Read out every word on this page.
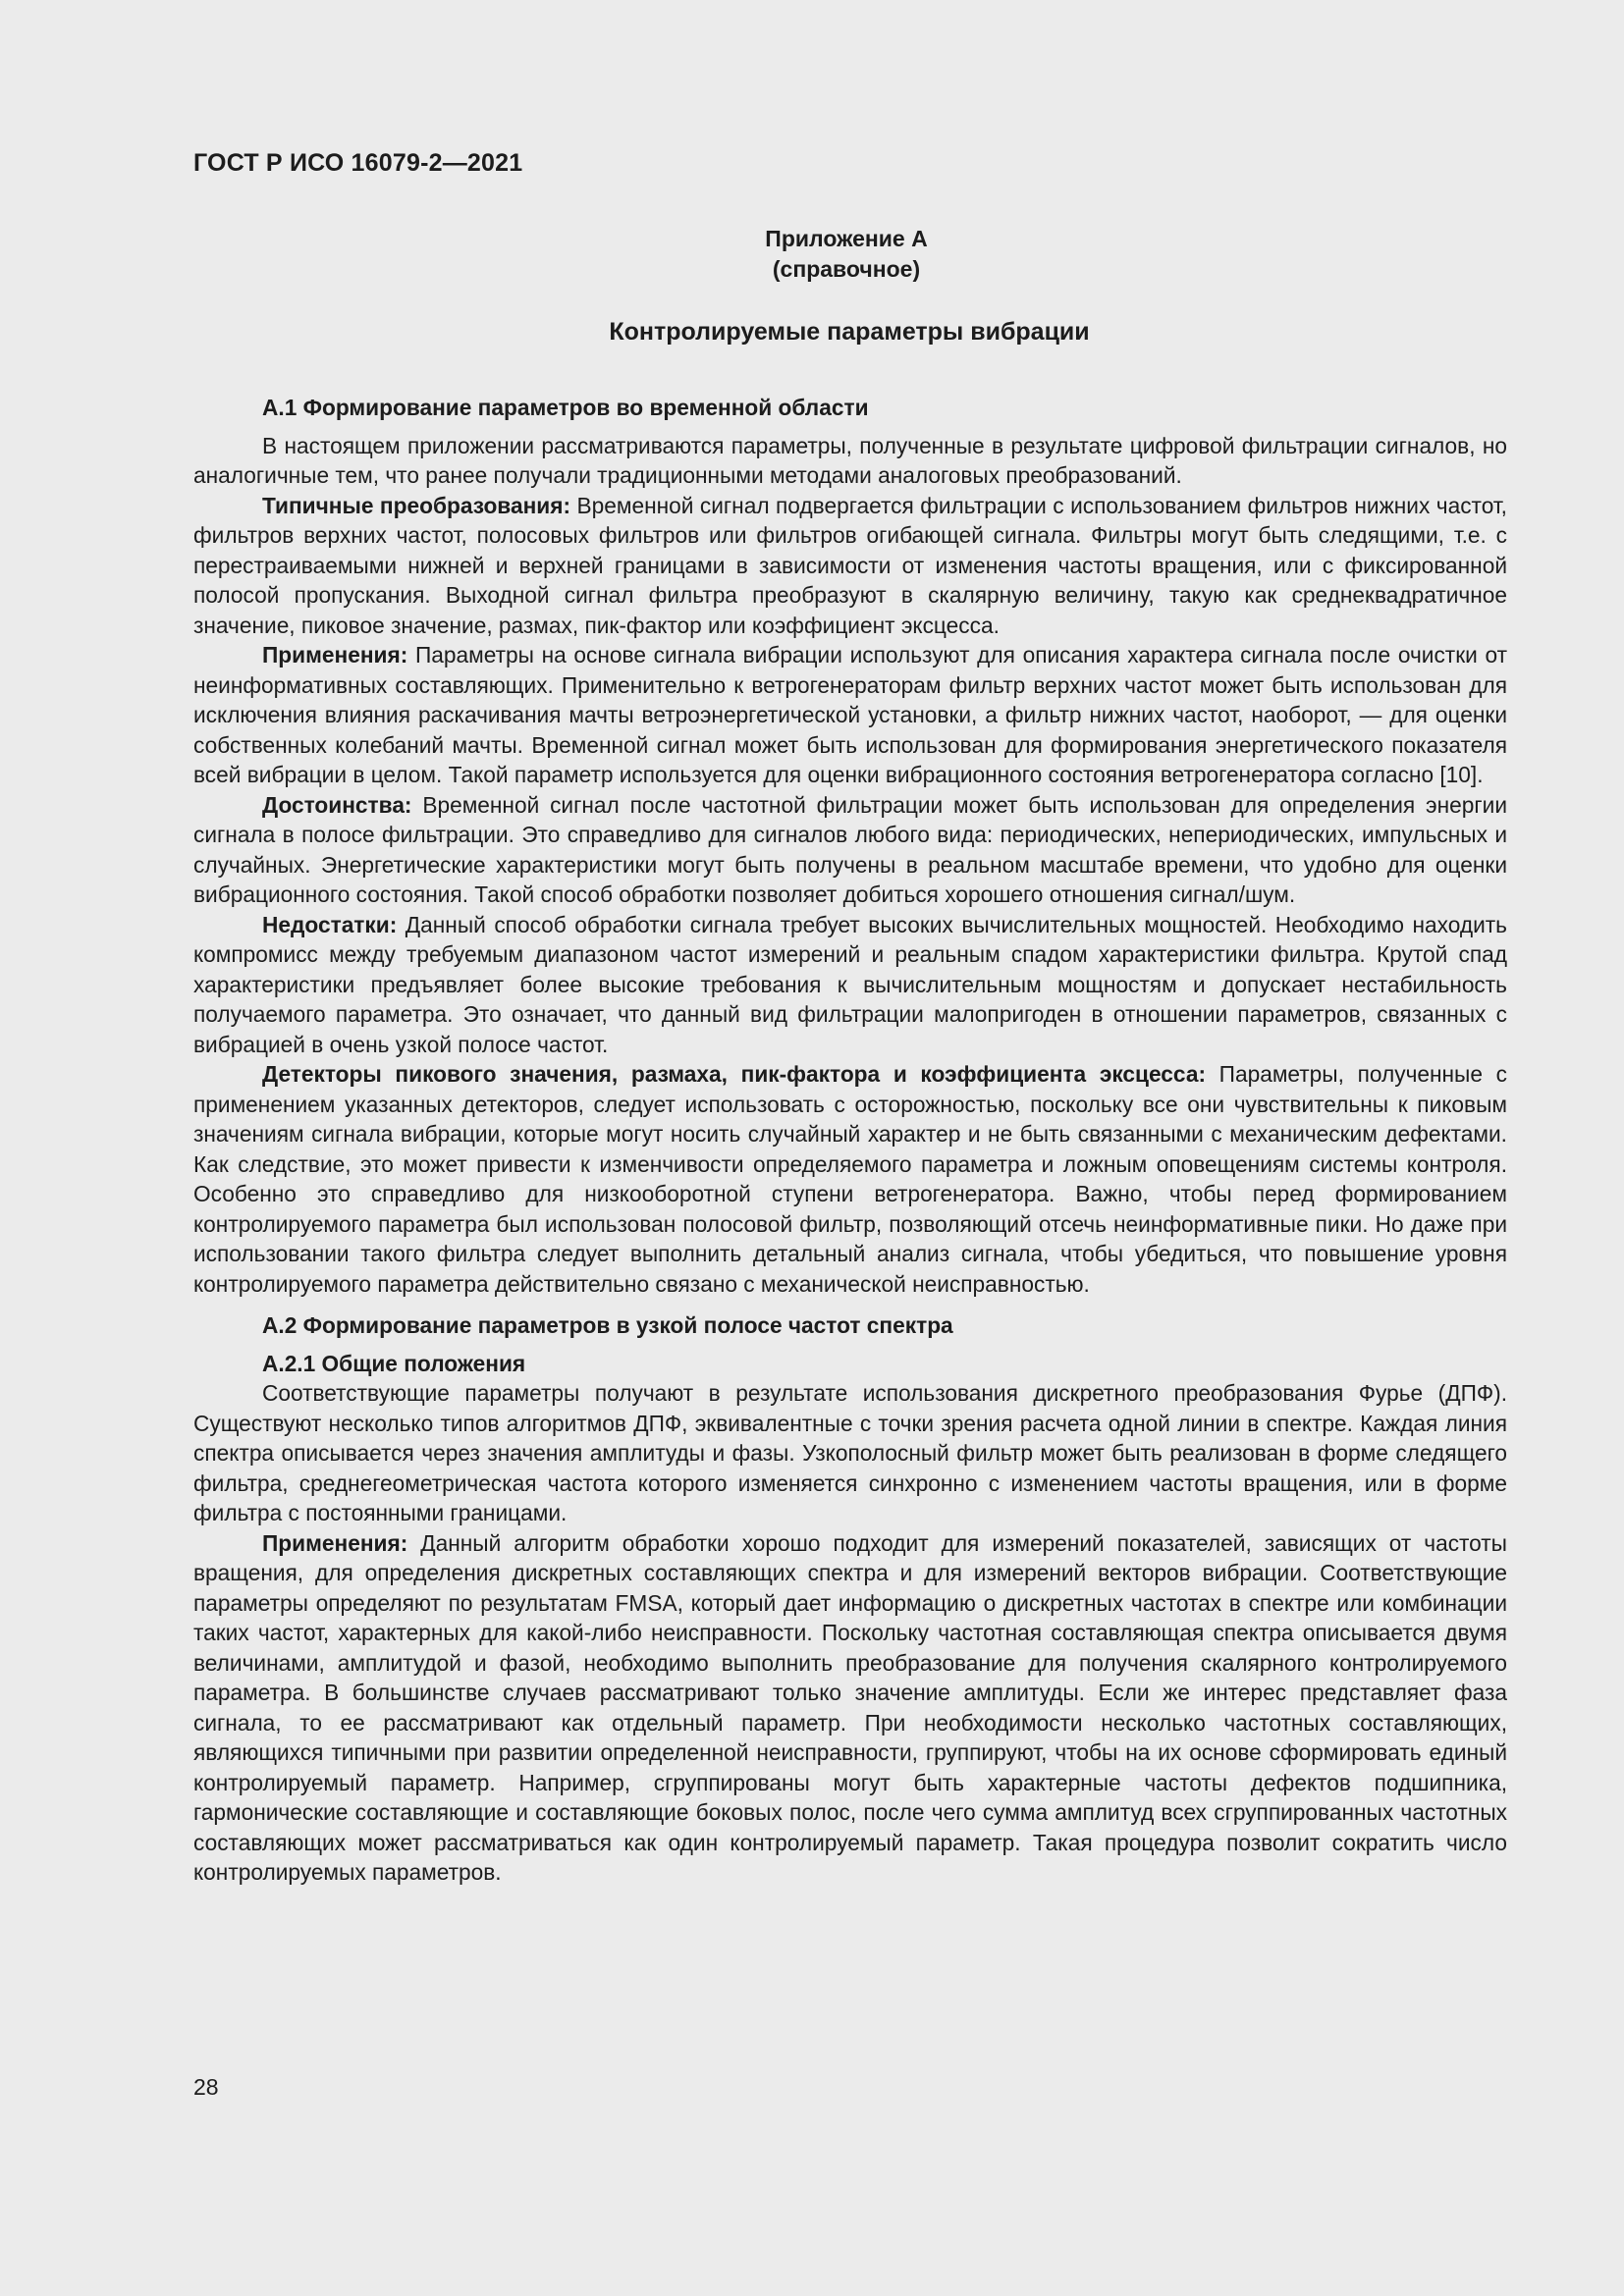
ГОСТ Р ИСО 16079-2—2021
Приложение А
(справочное)
Контролируемые параметры вибрации
А.1 Формирование параметров во временной области

В настоящем приложении рассматриваются параметры, полученные в результате цифровой фильтрации сигналов, но аналогичные тем, что ранее получали традиционными методами аналоговых преобразований.

Типичные преобразования: Временной сигнал подвергается фильтрации с использованием фильтров нижних частот, фильтров верхних частот, полосовых фильтров или фильтров огибающей сигнала. Фильтры могут быть следящими, т.е. с перестраиваемыми нижней и верхней границами в зависимости от изменения частоты вращения, или с фиксированной полосой пропускания. Выходной сигнал фильтра преобразуют в скалярную величину, такую как среднеквадратичное значение, пиковое значение, размах, пик-фактор или коэффициент эксцесса.

Применения: Параметры на основе сигнала вибрации используют для описания характера сигнала после очистки от неинформативных составляющих. Применительно к ветрогенераторам фильтр верхних частот может быть использован для исключения влияния раскачивания мачты ветроэнергетической установки, а фильтр нижних частот, наоборот, — для оценки собственных колебаний мачты. Временной сигнал может быть использован для формирования энергетического показателя всей вибрации в целом. Такой параметр используется для оценки вибрационного состояния ветрогенератора согласно [10].

Достоинства: Временной сигнал после частотной фильтрации может быть использован для определения энергии сигнала в полосе фильтрации. Это справедливо для сигналов любого вида: периодических, непериодических, импульсных и случайных. Энергетические характеристики могут быть получены в реальном масштабе времени, что удобно для оценки вибрационного состояния. Такой способ обработки позволяет добиться хорошего отношения сигнал/шум.

Недостатки: Данный способ обработки сигнала требует высоких вычислительных мощностей. Необходимо находить компромисс между требуемым диапазоном частот измерений и реальным спадом характеристики фильтра. Крутой спад характеристики предъявляет более высокие требования к вычислительным мощностям и допускает нестабильность получаемого параметра. Это означает, что данный вид фильтрации малопригоден в отношении параметров, связанных с вибрацией в очень узкой полосе частот.

Детекторы пикового значения, размаха, пик-фактора и коэффициента эксцесса: Параметры, полученные с применением указанных детекторов, следует использовать с осторожностью, поскольку все они чувствительны к пиковым значениям сигнала вибрации, которые могут носить случайный характер и не быть связанными с механическим дефектами. Как следствие, это может привести к изменчивости определяемого параметра и ложным оповещениям системы контроля. Особенно это справедливо для низкооборотной ступени ветрогенератора. Важно, чтобы перед формированием контролируемого параметра был использован полосовой фильтр, позволяющий отсечь неинформативные пики. Но даже при использовании такого фильтра следует выполнить детальный анализ сигнала, чтобы убедиться, что повышение уровня контролируемого параметра действительно связано с механической неисправностью.

А.2 Формирование параметров в узкой полосе частот спектра
А.2.1 Общие положения

Соответствующие параметры получают в результате использования дискретного преобразования Фурье (ДПФ). Существуют несколько типов алгоритмов ДПФ, эквивалентные с точки зрения расчета одной линии в спектре. Каждая линия спектра описывается через значения амплитуды и фазы. Узкополосный фильтр может быть реализован в форме следящего фильтра, среднегеометрическая частота которого изменяется синхронно с изменением частоты вращения, или в форме фильтра с постоянными границами.

Применения: Данный алгоритм обработки хорошо подходит для измерений показателей, зависящих от частоты вращения, для определения дискретных составляющих спектра и для измерений векторов вибрации. Соответствующие параметры определяют по результатам FMSA, который дает информацию о дискретных частотах в спектре или комбинации таких частот, характерных для какой-либо неисправности. Поскольку частотная составляющая спектра описывается двумя величинами, амплитудой и фазой, необходимо выполнить преобразование для получения скалярного контролируемого параметра. В большинстве случаев рассматривают только значение амплитуды. Если же интерес представляет фаза сигнала, то ее рассматривают как отдельный параметр. При необходимости несколько частотных составляющих, являющихся типичными при развитии определенной неисправности, группируют, чтобы на их основе сформировать единый контролируемый параметр. Например, сгруппированы могут быть характерные частоты дефектов подшипника, гармонические составляющие и составляющие боковых полос, после чего сумма амплитуд всех сгруппированных частотных составляющих может рассматриваться как один контролируемый параметр. Такая процедура позволит сократить число контролируемых параметров.

28
